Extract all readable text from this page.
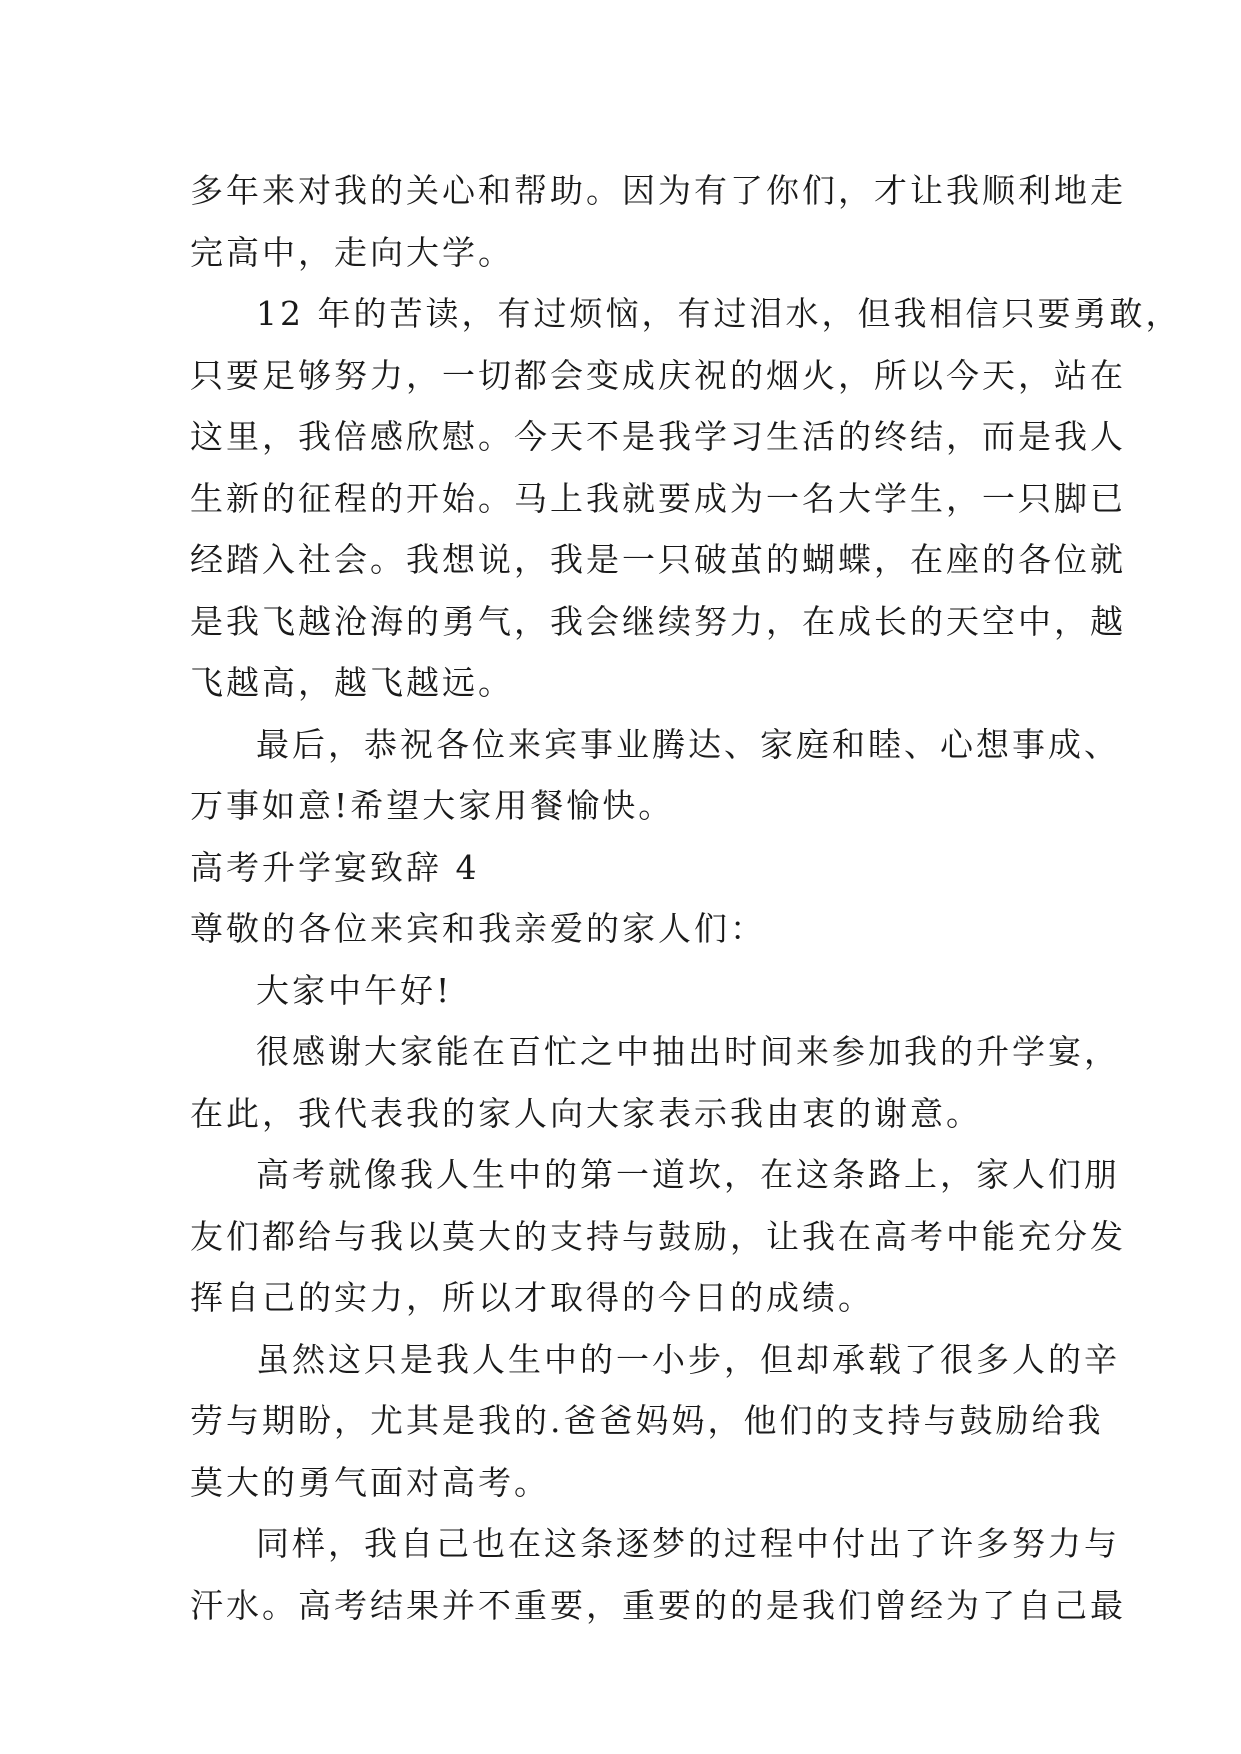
多年来对我的关心和帮助。因为有了你们，才让我顺利地走
完高中，走向大学。
12 年的苦读，有过烦恼，有过泪水，但我相信只要勇敢，
只要足够努力，一切都会变成庆祝的烟火，所以今天，站在
这里，我倍感欣慰。今天不是我学习生活的终结，而是我人
生新的征程的开始。马上我就要成为一名大学生，一只脚已
经踏入社会。我想说，我是一只破茧的蝴蝶，在座的各位就
是我飞越沧海的勇气，我会继续努力，在成长的天空中，越
飞越高，越飞越远。
最后，恭祝各位来宾事业腾达、家庭和睦、心想事成、
万事如意!希望大家用餐愉快。
高考升学宴致辞 4
尊敬的各位来宾和我亲爱的家人们：
大家中午好!
很感谢大家能在百忙之中抽出时间来参加我的升学宴，
在此，我代表我的家人向大家表示我由衷的谢意。
高考就像我人生中的第一道坎，在这条路上，家人们朋
友们都给与我以莫大的支持与鼓励，让我在高考中能充分发
挥自己的实力，所以才取得的今日的成绩。
虽然这只是我人生中的一小步，但却承载了很多人的辛
劳与期盼，尤其是我的.爸爸妈妈，他们的支持与鼓励给我
莫大的勇气面对高考。
同样，我自己也在这条逐梦的过程中付出了许多努力与
汗水。高考结果并不重要，重要的的是我们曾经为了自己最
